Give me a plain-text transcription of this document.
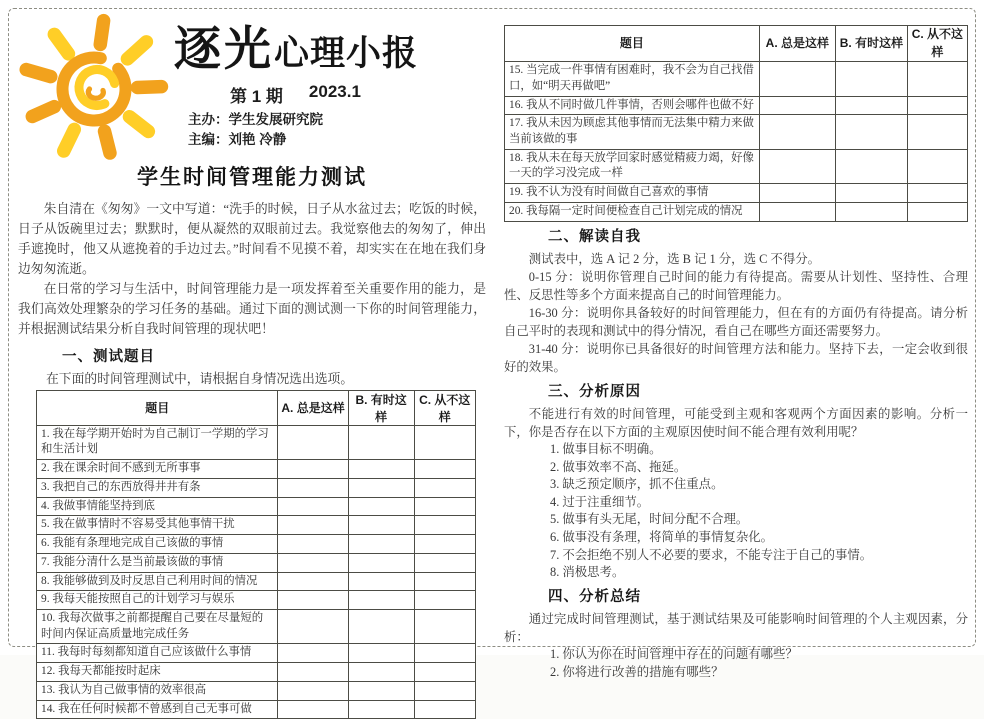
逐光心理小报
第 1 期 2023.1
主办：学生发展研究院
主编：刘艳 冷静
学生时间管理能力测试

朱自清在《匆匆》一文中写道：“洗手的时候，日子从水盆过去；吃饭的时候，日子从饭碗里过去；默默时，便从凝然的双眼前过去。我觉察他去的匆匆了，伸出手遮挽时，他又从遮挽着的手边过去。”时间看不见摸不着，却实实在在地在我们身边匆匆流逝。

在日常的学习与生活中，时间管理能力是一项发挥着至关重要作用的能力，是我们高效处理繁杂的学习任务的基础。通过下面的测试测一下你的时间管理能力，并根据测试结果分析自我时间管理的现状吧！

一、测试题目
在下面的时间管理测试中，请根据自身情况选出选项。
题目	A. 总是这样	B. 有时这样	C. 从不这样
1. 我在每学期开始时为自己制订一学期的学习和生活计划			
2. 我在课余时间不感到无所事事			
3. 我把自己的东西放得井井有条			
4. 我做事情能坚持到底			
5. 我在做事情时不容易受其他事情干扰			
6. 我能有条理地完成自己该做的事情			
7. 我能分清什么是当前最该做的事情			
8. 我能够做到及时反思自己利用时间的情况			
9. 我每天能按照自己的计划学习与娱乐			
10. 我每次做事之前都提醒自己要在尽量短的时间内保证高质量地完成任务			
11. 我每时每刻都知道自己应该做什么事情			
12. 我每天都能按时起床			
13. 我认为自己做事情的效率很高			
14. 我在任何时候都不曾感到自己无事可做			
题目	A. 总是这样	B. 有时这样	C. 从不这样
15. 当完成一件事情有困难时，我不会为自己找借口，如“明天再做吧”			
16. 我从不同时做几件事情，否则会哪件也做不好			
17. 我从未因为顾虑其他事情而无法集中精力来做当前该做的事			
18. 我从未在每天放学回家时感觉精疲力竭，好像一天的学习没完成一样			
19. 我不认为没有时间做自己喜欢的事情			
20. 我每隔一定时间便检查自己计划完成的情况			
二、解读自我

测试表中，选 A 记 2 分，选 B 记 1 分，选 C 不得分。

0-15 分：说明你管理自己时间的能力有待提高。需要从计划性、坚持性、合理性、反思性等多个方面来提高自己的时间管理能力。

16-30 分：说明你具备较好的时间管理能力，但在有的方面仍有待提高。请分析自己平时的表现和测试中的得分情况，看自己在哪些方面还需要努力。

31-40 分：说明你已具备很好的时间管理方法和能力。坚持下去，一定会收到很好的效果。

三、分析原因

不能进行有效的时间管理，可能受到主观和客观两个方面因素的影响。分析一下，你是否存在以下方面的主观原因使时间不能合理有效利用呢？

1. 做事目标不明确。
2. 做事效率不高、拖延。
3. 缺乏预定顺序，抓不住重点。
4. 过于注重细节。
5. 做事有头无尾，时间分配不合理。
6. 做事没有条理，将简单的事情复杂化。
7. 不会拒绝不别人不必要的要求，不能专注于自己的事情。
8. 消极思考。
四、分析总结

通过完成时间管理测试，基于测试结果及可能影响时间管理的个人主观因素，分析：

1. 你认为你在时间管理中存在的问题有哪些？
2. 你将进行改善的措施有哪些？
